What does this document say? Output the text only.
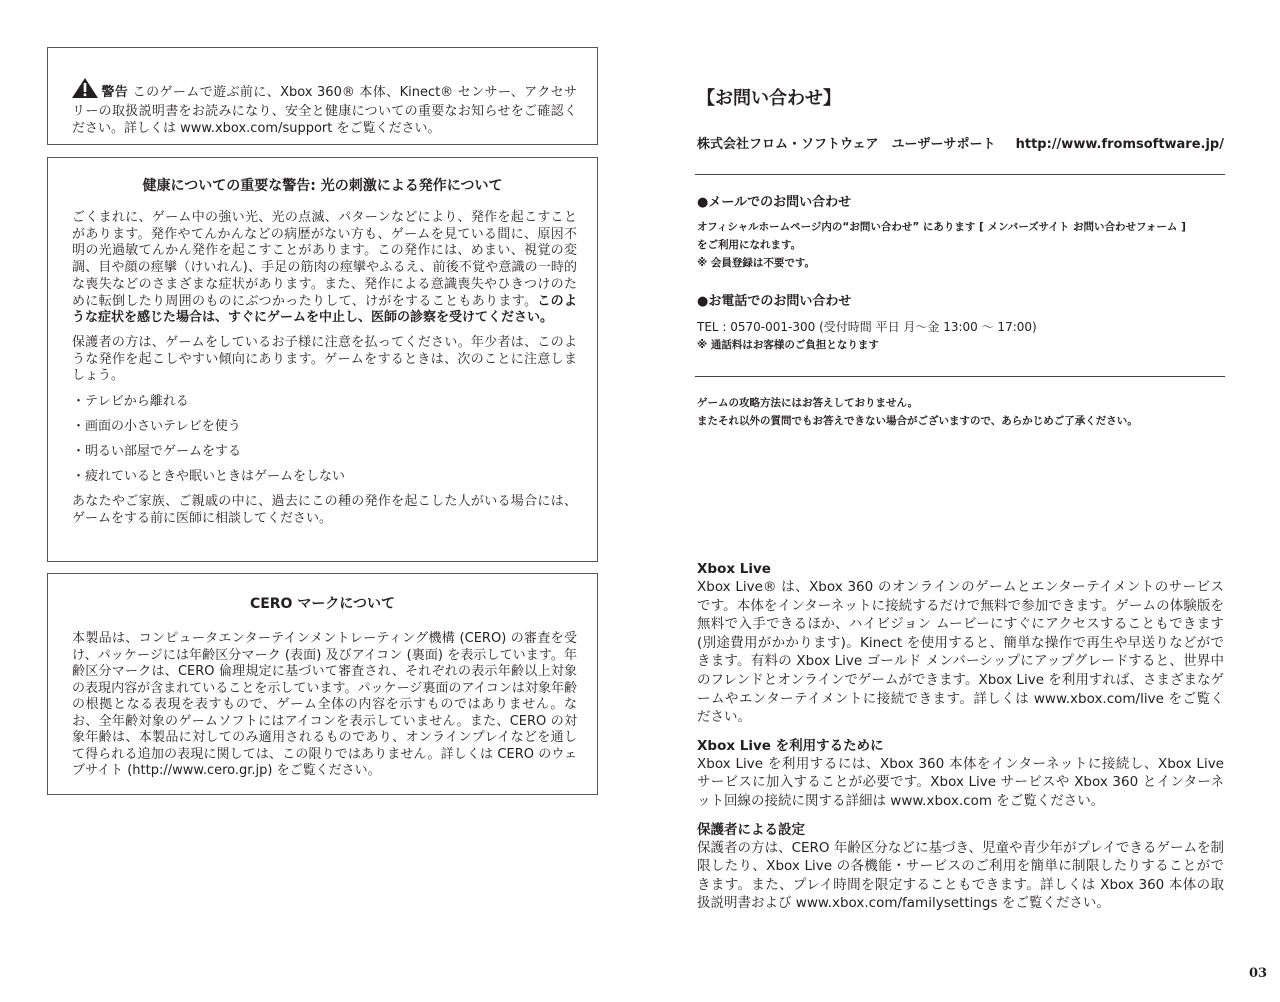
警告 このゲームで遊ぶ前に、Xbox 360® 本体、Kinect® センサー、アクセサリーの取扱説明書をお読みになり、安全と健康についての重要なお知らせをご確認ください。詳しくは www.xbox.com/support をご覧ください。

健康についての重要な警告: 光の刺激による発作について

ごくまれに、ゲーム中の強い光、光の点滅、パターンなどにより、発作を起こすことがあります。発作やてんかんなどの病歴がない方も、ゲームを見ている間に、原因不明の光過敏てんかん発作を起こすことがあります。この発作には、めまい、視覚の変調、目や顔の痙攣（けいれん)、手足の筋肉の痙攣やふるえ、前後不覚や意識の一時的な喪失などのさまざまな症状があります。また、発作による意識喪失やひきつけのために転倒したり周囲のものにぶつかったりして、けがをすることもあります。このような症状を感じた場合は、すぐにゲームを中止し、医師の診察を受けてください。

保護者の方は、ゲームをしているお子様に注意を払ってください。年少者は、このような発作を起こしやすい傾向にあります。ゲームをするときは、次のことに注意しましょう。

・テレビから離れる

・画面の小さいテレビを使う

・明るい部屋でゲームをする

・疲れているときや眠いときはゲームをしない

あなたやご家族、ご親戚の中に、過去にこの種の発作を起こした人がいる場合には、ゲームをする前に医師に相談してください。

CERO マークについて
本製品は、コンピュータエンターテインメントレーティング機構 (CERO) の審査を受け、パッケージには年齢区分マーク (表面) 及びアイコン (裏面) を表示しています。年齢区分マークは、CERO 倫理規定に基づいて審査され、それぞれの表示年齢以上対象の表現内容が含まれていることを示しています。パッケージ裏面のアイコンは対象年齢の根拠となる表現を表すもので、ゲーム全体の内容を示すものではありません。なお、全年齢対象のゲームソフトにはアイコンを表示していません。また、CERO の対象年齢は、本製品に対してのみ適用されるものであり、オンラインプレイなどを通して得られる追加の表現に関しては、この限りではありません。詳しくは CERO のウェブサイト (http://www.cero.gr.jp) をご覧ください。
【お問い合わせ】
株式会社フロム・ソフトウェア　ユーザーサポート http://www.fromsoftware.jp/
●メールでのお問い合わせ
オフィシャルホームページ内の“お問い合わせ” にあります [ メンバーズサイト お問い合わせフォーム ]
をご利用になれます。
※ 会員登録は不要です。
●お電話でのお問い合わせ
TEL : 0570-001-300 (受付時間 平日 月〜金 13:00 〜 17:00)
※ 通話料はお客様のご負担となります
ゲームの攻略方法にはお答えしておりません。
またそれ以外の質問でもお答えできない場合がございますので、あらかじめご了承ください。
Xbox Live

Xbox Live® は、Xbox 360 のオンラインのゲームとエンターテイメントのサービスです。本体をインターネットに接続するだけで無料で参加できます。ゲームの体験版を無料で入手できるほか、ハイビジョン ムービーにすぐにアクセスすることもできます (別途費用がかかります)。Kinect を使用すると、簡単な操作で再生や早送りなどができます。有料の Xbox Live ゴールド メンバーシップにアップグレードすると、世界中のフレンドとオンラインでゲームができます。Xbox Live を利用すれば、さまざまなゲームやエンターテイメントに接続できます。詳しくは www.xbox.com/live をご覧ください。

Xbox Live を利用するために

Xbox Live を利用するには、Xbox 360 本体をインターネットに接続し、Xbox Live サービスに加入することが必要です。Xbox Live サービスや Xbox 360 とインターネット回線の接続に関する詳細は www.xbox.com をご覧ください。

保護者による設定

保護者の方は、CERO 年齢区分などに基づき、児童や青少年がプレイできるゲームを制限したり、Xbox Live の各機能・サービスのご利用を簡単に制限したりすることができます。また、プレイ時間を限定することもできます。詳しくは Xbox 360 本体の取扱説明書および www.xbox.com/familysettings をご覧ください。

03
